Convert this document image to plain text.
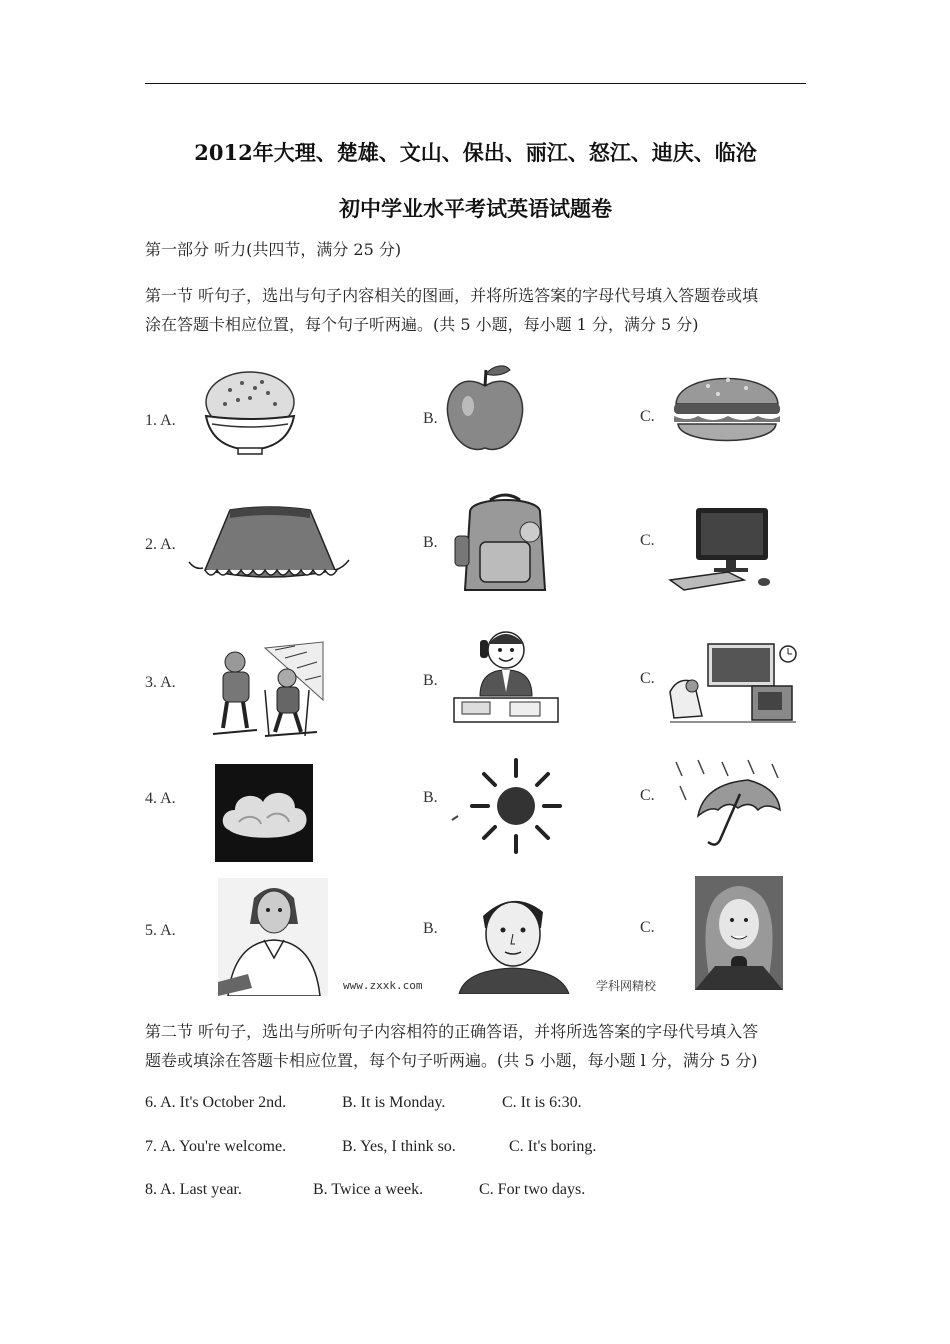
2012年大理、楚雄、文山、保出、丽江、怒江、迪庆、临沧
初中学业水平考试英语试题卷
第一部分 听力(共四节，满分 25 分)
第一节 听句子，选出与句子内容相关的图画，并将所选答案的字母代号填入答题卷或填
涂在答题卡相应位置，每个句子听两遍。(共 5 小题，每小题 1 分，满分 5 分)
1. A.	B.	C.
2. A.	B.	C.
3. A.	B.	C.
4. A.	B.	C.
5. A.	B.	C.
www.zxxk.com	学科网精校
第二节 听句子，选出与所听句子内容相符的正确答语，并将所选答案的字母代号填入答
题卷或填涂在答题卡相应位置，每个句子听两遍。(共 5 小题，每小题 l 分，满分 5 分)
6. A. It's October 2nd.	B. It is Monday.	C. It is 6:30.
7. A. You're welcome.	B. Yes, I think so.	C. It's boring.
8. A. Last year.	B. Twice a week.	C. For two days.
